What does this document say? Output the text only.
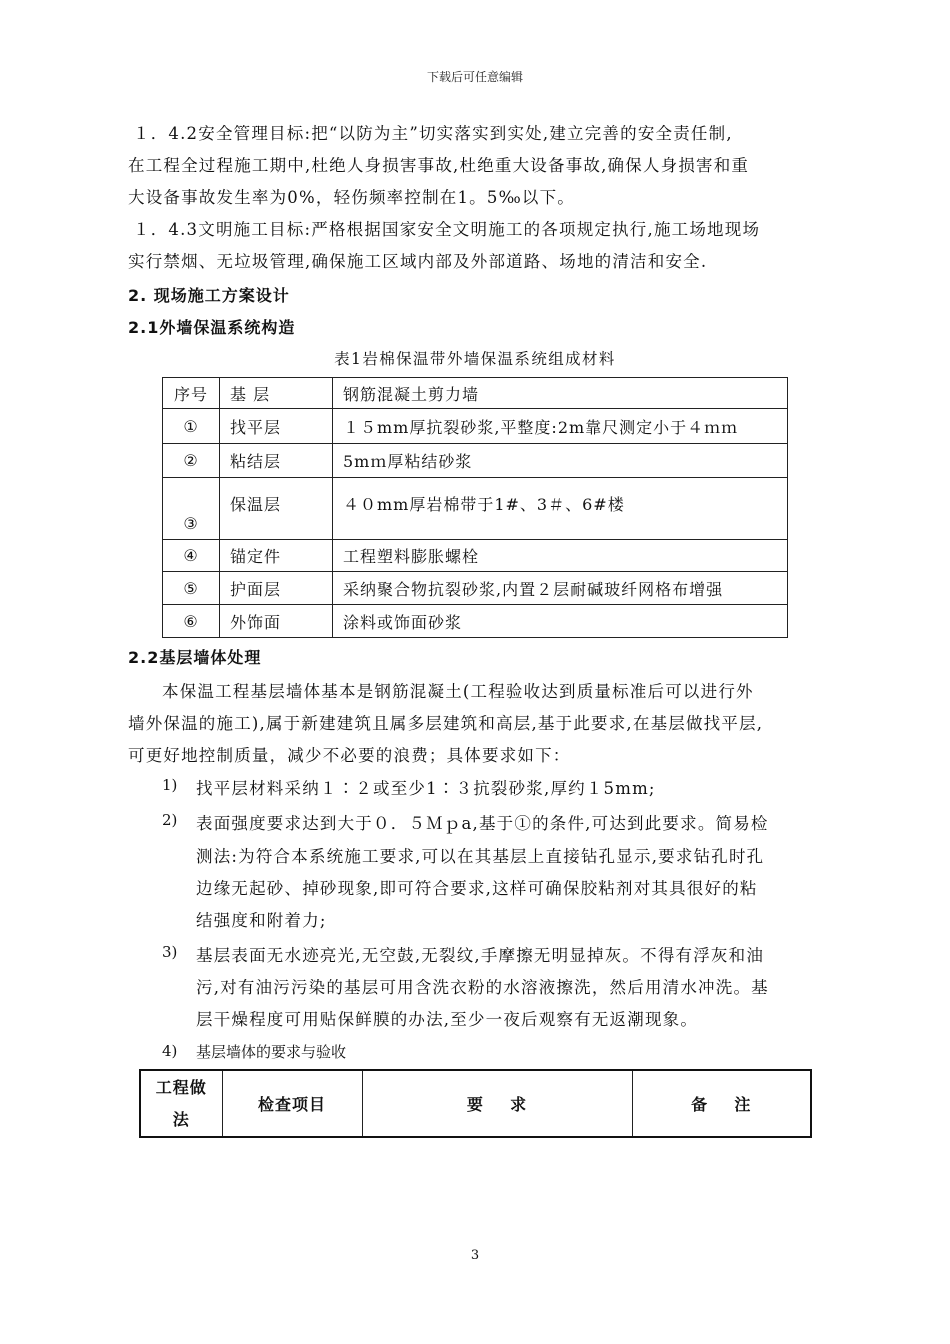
下载后可任意编辑
１．4.2安全管理目标:把“以防为主”切实落实到实处,建立完善的安全责任制,
在工程全过程施工期中,杜绝人身损害事故,杜绝重大设备事故,确保人身损害和重
大设备事故发生率为0%，轻伤频率控制在1。5‰以下。
１．4.3文明施工目标:严格根据国家安全文明施工的各项规定执行,施工场地现场
实行禁烟、无垃圾管理,确保施工区域内部及外部道路、场地的清洁和安全.
2. 现场施工方案设计
2.1外墙保温系统构造
表1岩棉保温带外墙保温系统组成材料
序号	基 层	钢筋混凝土剪力墙
①	找平层	１５mm厚抗裂砂浆,平整度:2m靠尺测定小于４ｍｍ
②	粘结层	5mｍ厚粘结砂浆
③	保温层	４０mm厚岩棉带于1#、3＃、6#楼
④	锚定件	工程塑料膨胀螺栓
⑤	护面层	采纳聚合物抗裂砂浆,内置２层耐碱玻纤网格布增强
⑥	外饰面	涂料或饰面砂浆
2.2基层墙体处理
本保温工程基层墙体基本是钢筋混凝土(工程验收达到质量标准后可以进行外
墙外保温的施工),属于新建建筑且属多层建筑和高层,基于此要求,在基层做找平层,
可更好地控制质量，减少不必要的浪费；具体要求如下：
1) 找平层材料采纳１∶２或至少1∶３抗裂砂浆,厚约１5mm;
2) 表面强度要求达到大于０．５Ｍｐa,基于①的条件,可达到此要求。简易检
测法:为符合本系统施工要求,可以在其基层上直接钻孔显示,要求钻孔时孔
边缘无起砂、掉砂现象,即可符合要求,这样可确保胶粘剂对其具很好的粘
结强度和附着力;
3) 基层表面无水迹亮光,无空鼓,无裂纹,手摩擦无明显掉灰。不得有浮灰和油
污,对有油污污染的基层可用含洗衣粉的水溶液擦洗，然后用清水冲洗。基
层干燥程度可用贴保鲜膜的办法,至少一夜后观察有无返潮现象。
4) 基层墙体的要求与验收
工程做法	检查项目	要    求	备    注
3
